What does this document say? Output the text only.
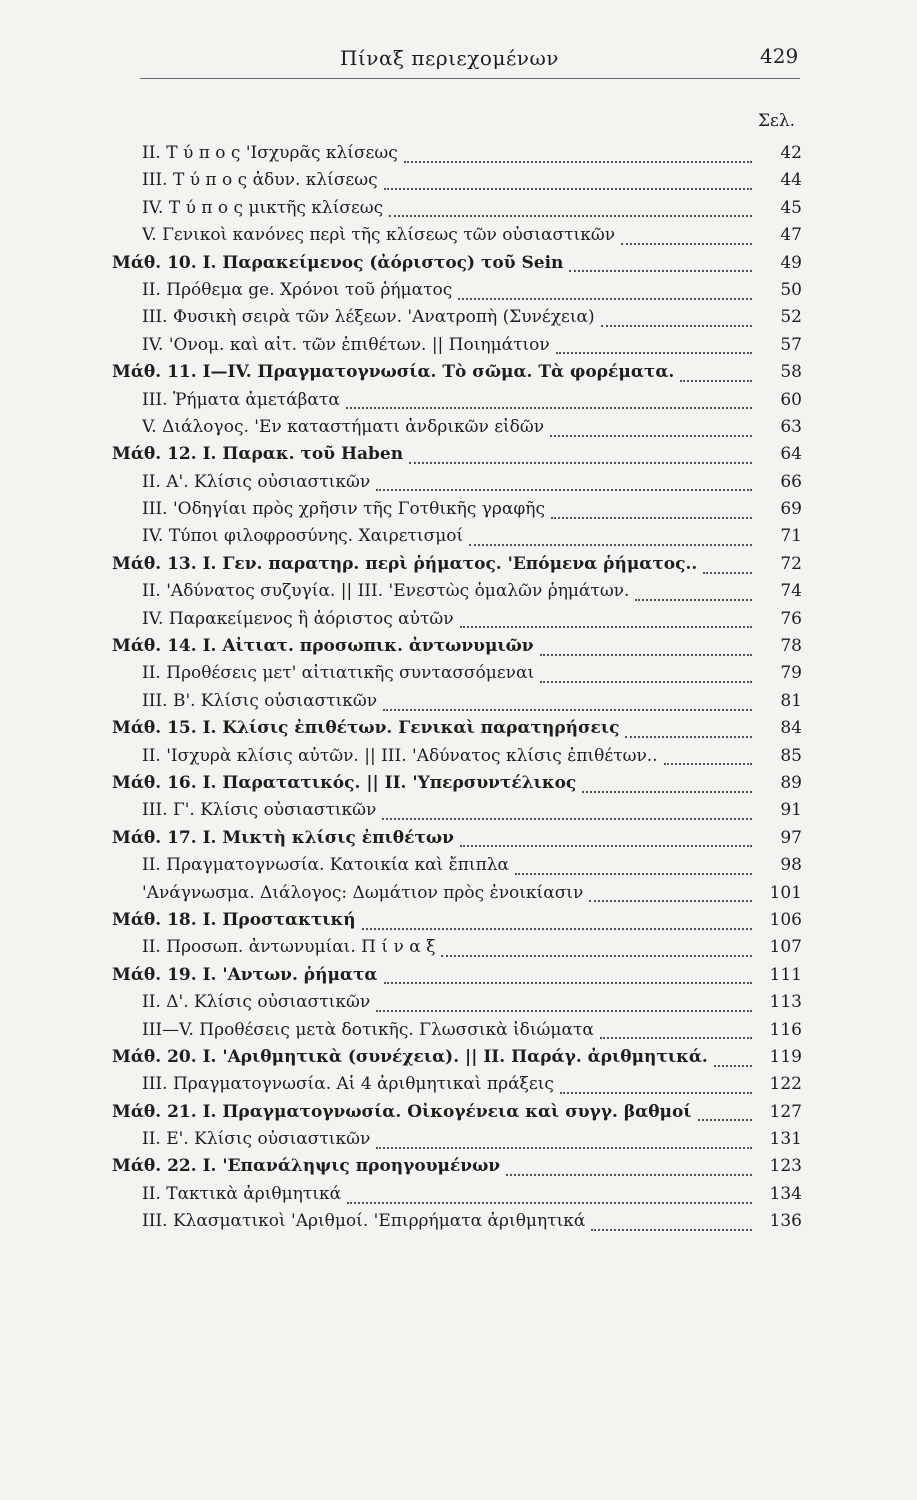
Πίναξ περιεχομένων	429
Σελ.
ΙΙ. Τ ύ π ο ς 'Ισχυρᾶς κλίσεως	42
ΙΙΙ. Τ ύ π ο ς ἀδυν. κλίσεως	44
IV. Τ ύ π ο ς μικτῆς κλίσεως	45
V. Γενικοὶ κανόνες περὶ τῆς κλίσεως τῶν οὐσιαστικῶν	47
Μάθ. 10. Ι. Παρακείμενος (ἀόριστος) τοῦ Sein	49
ΙΙ. Πρόθεμα ge. Χρόνοι τοῦ ῥήματος	50
ΙΙΙ. Φυσικὴ σειρὰ τῶν λέξεων. 'Ανατροπὴ (Συνέχεια)	52
IV. 'Ονομ. καὶ αἰτ. τῶν ἐπιθέτων. || Ποιημάτιον	57
Μάθ. 11. Ι—IV. Πραγματογνωσία. Τὸ σῶμα. Τὰ φορέματα.	58
ΙΙΙ. Ῥήματα ἀμετάβατα	60
V. Διάλογος. 'Εν καταστήματι ἀνδρικῶν εἰδῶν	63
Μάθ. 12. Ι. Παρακ. τοῦ Haben	64
ΙΙ. Α'. Κλίσις οὐσιαστικῶν	66
ΙΙΙ. 'Οδηγίαι πρὸς χρῆσιν τῆς Γοτθικῆς γραφῆς	69
IV. Τύποι φιλοφροσύνης. Χαιρετισμοί	71
Μάθ. 13. Ι. Γεν. παρατηρ. περὶ ῥήματος. 'Επόμενα ῥήματος..	72
ΙΙ. 'Αδύνατος συζυγία. || ΙΙΙ. 'Ενεστὼς ὁμαλῶν ῥημάτων.	74
IV. Παρακείμενος ἢ ἀόριστος αὐτῶν	76
Μάθ. 14. Ι. Αἰτιατ. προσωπικ. ἀντωνυμιῶν	78
ΙΙ. Προθέσεις μετ' αἰτιατικῆς συντασσόμεναι	79
ΙΙΙ. Β'. Κλίσις οὐσιαστικῶν	81
Μάθ. 15. Ι. Κλίσις ἐπιθέτων. Γενικαὶ παρατηρήσεις	84
ΙΙ. 'Ισχυρὰ κλίσις αὐτῶν. || ΙΙΙ. 'Αδύνατος κλίσις ἐπιθέτων..	85
Μάθ. 16. Ι. Παρατατικός. || ΙΙ. 'Υπερσυντέλικος	89
ΙΙΙ. Γ'. Κλίσις οὐσιαστικῶν	91
Μάθ. 17. Ι. Μικτὴ κλίσις ἐπιθέτων	97
ΙΙ. Πραγματογνωσία. Κατοικία καὶ ἔπιπλα	98
'Ανάγνωσμα. Διάλογος: Δωμάτιον πρὸς ἐνοικίασιν	101
Μάθ. 18. Ι. Προστακτική	106
ΙΙ. Προσωπ. ἀντωνυμίαι. Π ί ν α ξ	107
Μάθ. 19. Ι. 'Αντων. ῥήματα	111
ΙΙ. Δ'. Κλίσις οὐσιαστικῶν	113
ΙΙΙ—V. Προθέσεις μετὰ δοτικῆς. Γλωσσικὰ ἰδιώματα	116
Μάθ. 20. Ι. 'Αριθμητικὰ (συνέχεια). || ΙΙ. Παράγ. ἀριθμητικά.	119
ΙΙΙ. Πραγματογνωσία. Αἱ 4 ἀριθμητικαὶ πράξεις	122
Μάθ. 21. Ι. Πραγματογνωσία. Οἰκογένεια καὶ συγγ. βαθμοί	127
ΙΙ. Ε'. Κλίσις οὐσιαστικῶν	131
Μάθ. 22. Ι. 'Επανάληψις προηγουμένων	123
ΙΙ. Τακτικὰ ἀριθμητικά	134
ΙΙΙ. Κλασματικοὶ 'Αριθμοί. 'Επιρρήματα ἀριθμητικά	136
